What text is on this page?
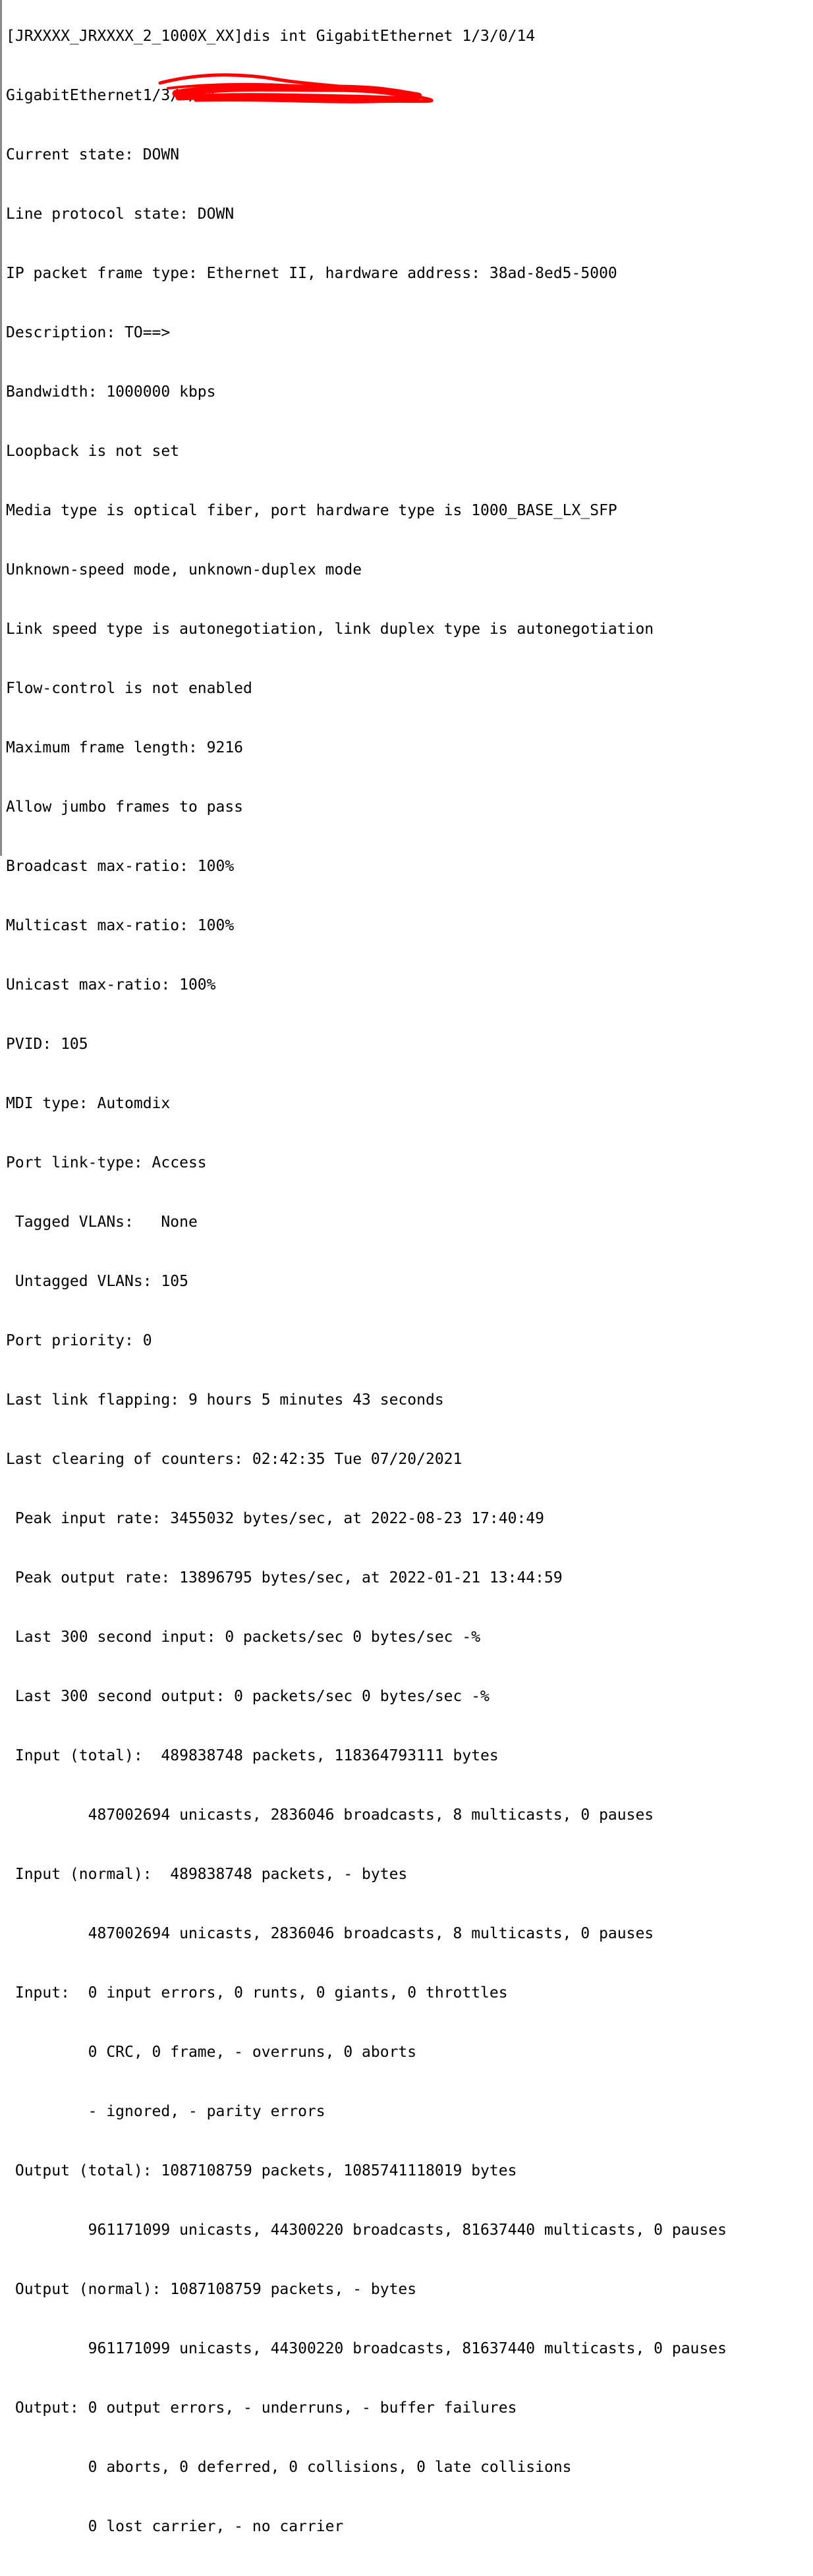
[JRXXXX_JRXXXX_2_1000X_XX]dis int GigabitEthernet 1/3/0/14

GigabitEthernet1/3/0/14

Current state: DOWN

Line protocol state: DOWN

IP packet frame type: Ethernet II, hardware address: 38ad-8ed5-5000

Description: TO==>

Bandwidth: 1000000 kbps

Loopback is not set

Media type is optical fiber, port hardware type is 1000_BASE_LX_SFP

Unknown-speed mode, unknown-duplex mode

Link speed type is autonegotiation, link duplex type is autonegotiation

Flow-control is not enabled

Maximum frame length: 9216

Allow jumbo frames to pass

Broadcast max-ratio: 100%

Multicast max-ratio: 100%

Unicast max-ratio: 100%

PVID: 105

MDI type: Automdix

Port link-type: Access

Tagged VLANs:   None

Untagged VLANs: 105

Port priority: 0

Last link flapping: 9 hours 5 minutes 43 seconds

Last clearing of counters: 02:42:35 Tue 07/20/2021

Peak input rate: 3455032 bytes/sec, at 2022-08-23 17:40:49

Peak output rate: 13896795 bytes/sec, at 2022-01-21 13:44:59

Last 300 second input: 0 packets/sec 0 bytes/sec -%

Last 300 second output: 0 packets/sec 0 bytes/sec -%

Input (total):  489838748 packets, 118364793111 bytes

487002694 unicasts, 2836046 broadcasts, 8 multicasts, 0 pauses

Input (normal):  489838748 packets, - bytes

487002694 unicasts, 2836046 broadcasts, 8 multicasts, 0 pauses

Input:  0 input errors, 0 runts, 0 giants, 0 throttles

0 CRC, 0 frame, - overruns, 0 aborts

- ignored, - parity errors

Output (total): 1087108759 packets, 1085741118019 bytes

961171099 unicasts, 44300220 broadcasts, 81637440 multicasts, 0 pauses

Output (normal): 1087108759 packets, - bytes

961171099 unicasts, 44300220 broadcasts, 81637440 multicasts, 0 pauses

Output: 0 output errors, - underruns, - buffer failures

0 aborts, 0 deferred, 0 collisions, 0 late collisions

0 lost carrier, - no carrier
